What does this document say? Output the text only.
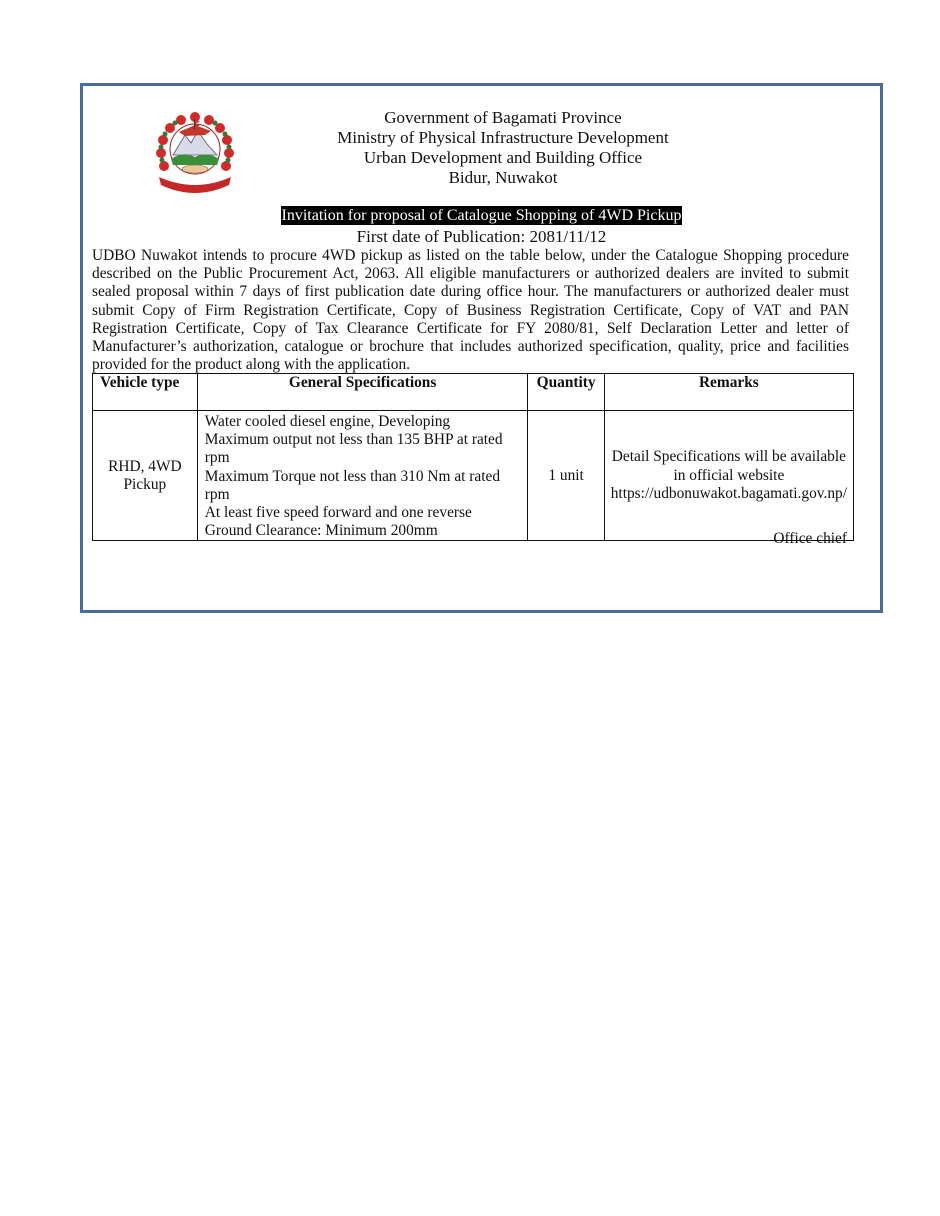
Government of Bagamati Province
Ministry of Physical Infrastructure Development
Urban Development and Building Office
Bidur, Nuwakot
Invitation for proposal of Catalogue Shopping of 4WD Pickup
First date of Publication: 2081/11/12
UDBO Nuwakot intends to procure 4WD pickup as listed on the table below, under the Catalogue Shopping procedure described on the Public Procurement Act, 2063. All eligible manufacturers or authorized dealers are invited to submit sealed proposal within 7 days of first publication date during office hour. The manufacturers or authorized dealer must submit Copy of Firm Registration Certificate, Copy of Business Registration Certificate, Copy of VAT and PAN Registration Certificate, Copy of Tax Clearance Certificate for FY 2080/81, Self Declaration Letter and letter of Manufacturer’s authorization, catalogue or brochure that includes authorized specification, quality, price and facilities provided for the product along with the application.
Vehicle type	General Specifications	Quantity	Remarks
RHD, 4WD Pickup	Water cooled diesel engine, Developing
Maximum output not less than 135 BHP at rated rpm
Maximum Torque not less than 310 Nm at rated rpm
At least five speed forward and one reverse
Ground Clearance: Minimum 200mm	1 unit	Detail Specifications will be available in official website https://udbonuwakot.bagamati.gov.np/
Office chief
